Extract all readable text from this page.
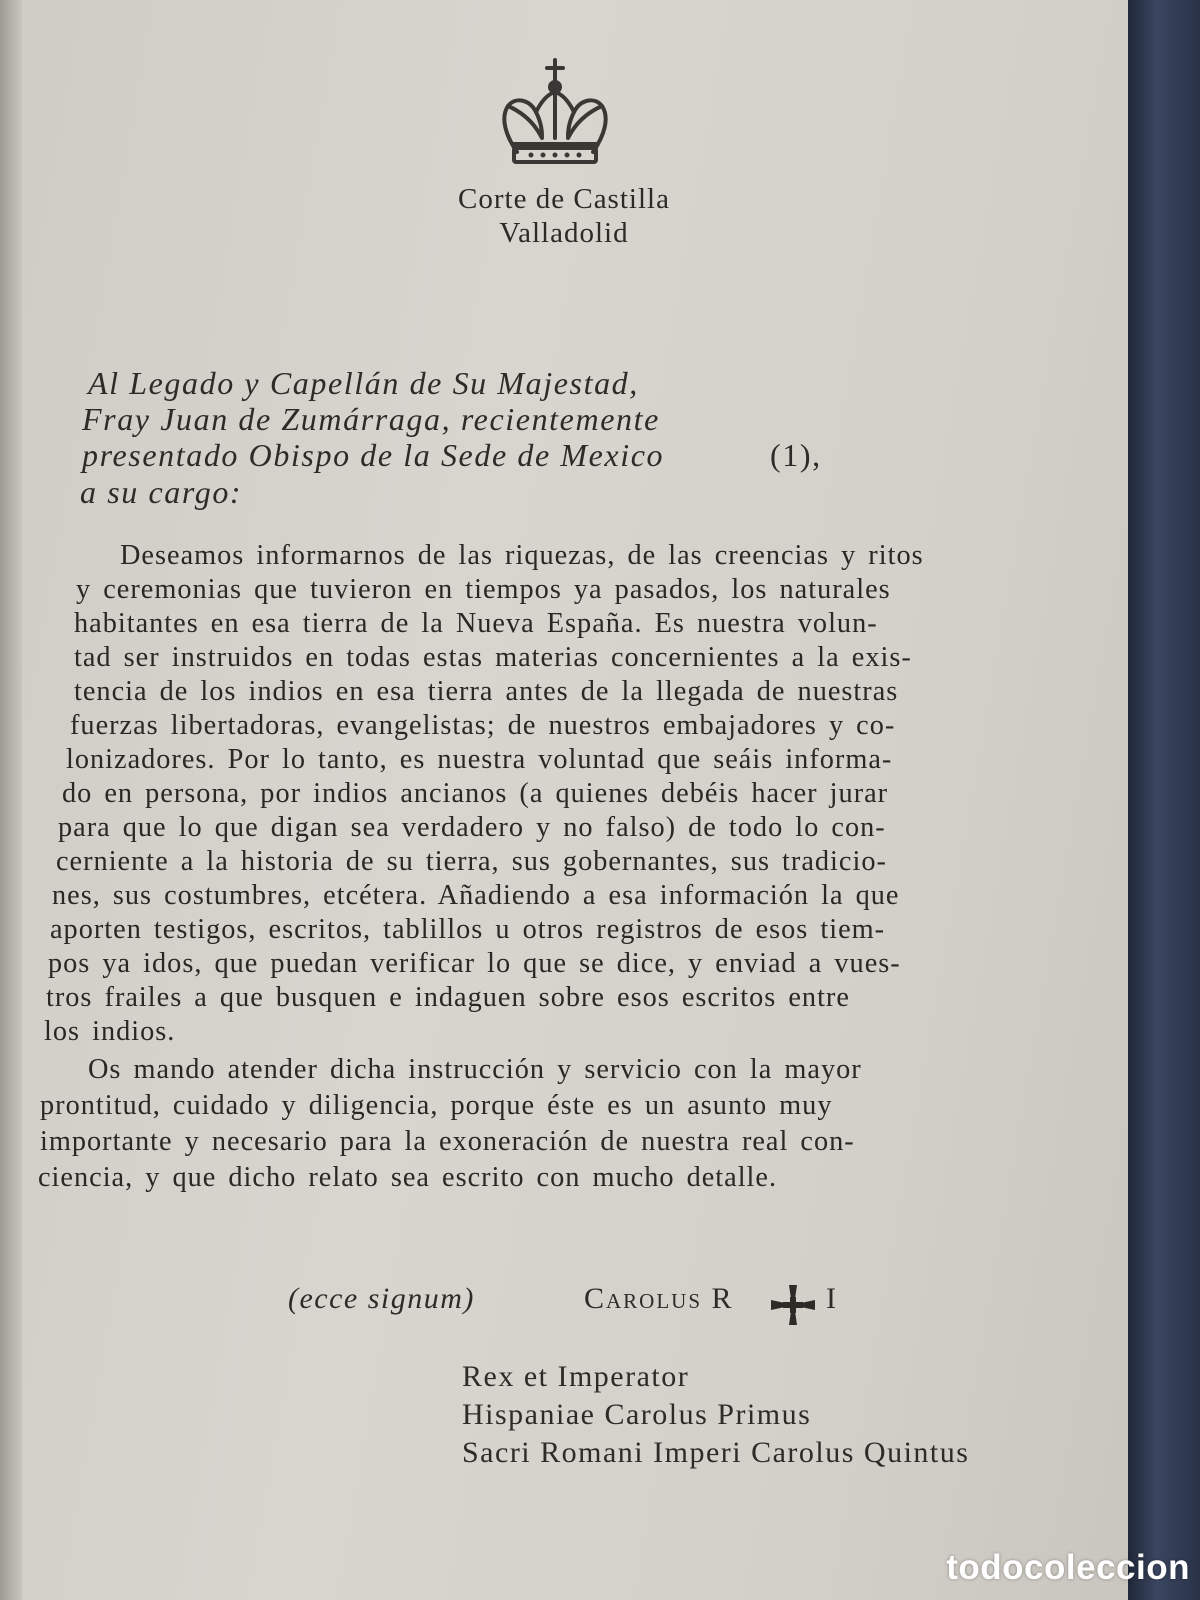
Corte de Castilla
Valladolid
Al Legado y Capellán de Su Majestad,
Fray Juan de Zumárraga, recientemente
presentado Obispo de la Sede de Mexico	(1),
a su cargo:
Deseamos informarnos de las riquezas, de las creencias y ritos
y ceremonias que tuvieron en tiempos ya pasados, los naturales
habitantes en esa tierra de la Nueva España. Es nuestra volun-
tad ser instruidos en todas estas materias concernientes a la exis-
tencia de los indios en esa tierra antes de la llegada de nuestras
fuerzas libertadoras, evangelistas; de nuestros embajadores y co-
lonizadores. Por lo tanto, es nuestra voluntad que seáis informa-
do en persona, por indios ancianos (a quienes debéis hacer jurar
para que lo que digan sea verdadero y no falso) de todo lo con-
cerniente a la historia de su tierra, sus gobernantes, sus tradicio-
nes, sus costumbres, etcétera. Añadiendo a esa información la que
aporten testigos, escritos, tablillos u otros registros de esos tiem-
pos ya idos, que puedan verificar lo que se dice, y enviad a vues-
tros frailes a que busquen e indaguen sobre esos escritos entre
los indios.
Os mando atender dicha instrucción y servicio con la mayor
prontitud, cuidado y diligencia, porque éste es un asunto muy
importante y necesario para la exoneración de nuestra real con-
ciencia, y que dicho relato sea escrito con mucho detalle.
(ecce signum)	Carolus R	I
Rex et Imperator
Hispaniae Carolus Primus
Sacri Romani Imperi Carolus Quintus
todocoleccion
